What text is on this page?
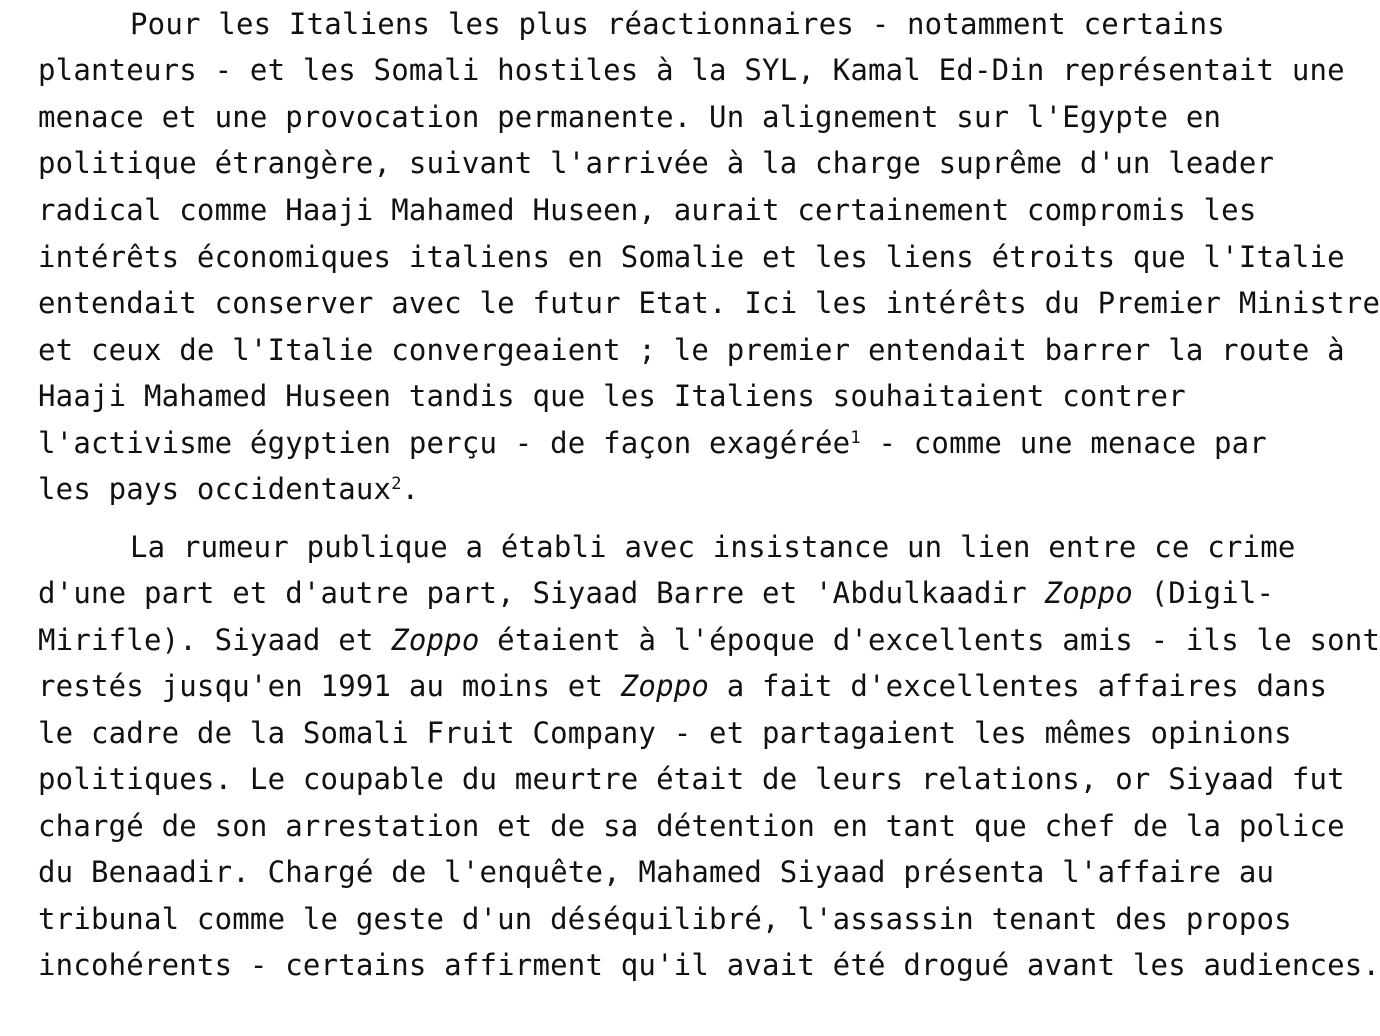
Pour les Italiens les plus réactionnaires - notamment certains
planteurs - et les Somali hostiles à la SYL, Kamal Ed-Din représentait une
menace et une provocation permanente. Un alignement sur l'Egypte en
politique étrangère, suivant l'arrivée à la charge suprême d'un leader
radical comme Haaji Mahamed Huseen, aurait certainement compromis les
intérêts économiques italiens en Somalie et les liens étroits que l'Italie
entendait conserver avec le futur Etat. Ici les intérêts du Premier Ministre
et ceux de l'Italie convergeaient ; le premier entendait barrer la route à
Haaji Mahamed Huseen tandis que les Italiens souhaitaient contrer
l'activisme égyptien perçu - de façon exagérée$^1$ - comme une menace par
les pays occidentaux$^2$.
La rumeur publique a établi avec insistance un lien entre ce crime
d'une part et d'autre part, Siyaad Barre et 'Abdulkaadir Zoppo (Digil-
Mirifle). Siyaad et Zoppo étaient à l'époque d'excellents amis - ils le sont
restés jusqu'en 1991 au moins et Zoppo a fait d'excellentes affaires dans
le cadre de la Somali Fruit Company - et partagaient les mêmes opinions
politiques. Le coupable du meurtre était de leurs relations, or Siyaad fut
chargé de son arrestation et de sa détention en tant que chef de la police
du Benaadir. Chargé de l'enquête, Mahamed Siyaad présenta l'affaire au
tribunal comme le geste d'un déséquilibré, l'assassin tenant des propos
incohérents - certains affirment qu'il avait été drogué avant les audiences.
